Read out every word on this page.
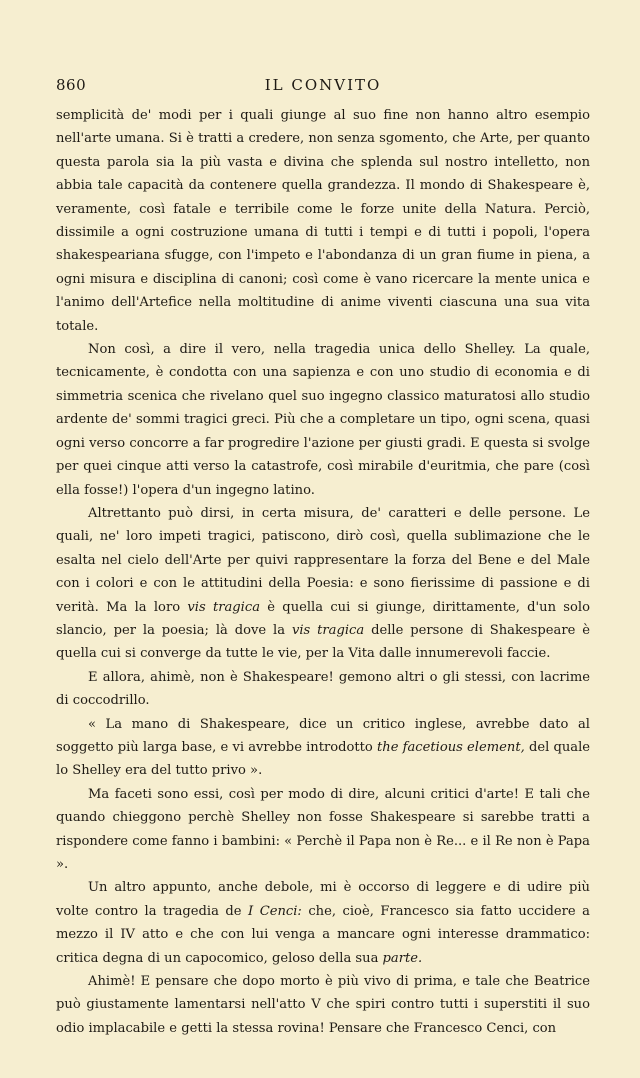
860	IL CONVITO

semplicità de' modi per i quali giunge al suo fine non hanno altro esempio nell'arte umana. Si è tratti a credere, non senza sgomento, che Arte, per quanto questa parola sia la più vasta e divina che splenda sul nostro intelletto, non abbia tale capacità da contenere quella grandezza. Il mondo di Shakespeare è, veramente, così fatale e terribile come le forze unite della Natura. Perciò, dissimile a ogni costruzione umana di tutti i tempi e di tutti i popoli, l'opera shakespeariana sfugge, con l'impeto e l'abondanza di un gran fiume in piena, a ogni misura e disciplina di canoni; così come è vano ricercare la mente unica e l'animo dell'Artefice nella moltitudine di anime viventi ciascuna una sua vita totale.

Non così, a dire il vero, nella tragedia unica dello Shelley. La quale, tecnicamente, è condotta con una sapienza e con uno studio di economia e di simmetria scenica che rivelano quel suo ingegno classico maturatosi allo studio ardente de' sommi tragici greci. Più che a completare un tipo, ogni scena, quasi ogni verso concorre a far progredire l'azione per giusti gradi. E questa si svolge per quei cinque atti verso la catastrofe, così mirabile d'euritmia, che pare (così ella fosse!) l'opera d'un ingegno latino.

Altrettanto può dirsi, in certa misura, de' caratteri e delle persone. Le quali, ne' loro impeti tragici, patiscono, dirò così, quella sublimazione che le esalta nel cielo dell'Arte per quivi rappresentare la forza del Bene e del Male con i colori e con le attitudini della Poesia: e sono fierissime di passione e di verità. Ma la loro vis tragica è quella cui si giunge, dirittamente, d'un solo slancio, per la poesia; là dove la vis tragica delle persone di Shakespeare è quella cui si converge da tutte le vie, per la Vita dalle innumerevoli faccie.

E allora, ahimè, non è Shakespeare! gemono altri o gli stessi, con lacrime di coccodrillo.

« La mano di Shakespeare, dice un critico inglese, avrebbe dato al soggetto più larga base, e vi avrebbe introdotto the facetious element, del quale lo Shelley era del tutto privo ».

Ma faceti sono essi, così per modo di dire, alcuni critici d'arte! E tali che quando chieggono perchè Shelley non fosse Shakespeare si sarebbe tratti a rispondere come fanno i bambini: « Perchè il Papa non è Re... e il Re non è Papa ».

Un altro appunto, anche debole, mi è occorso di leggere e di udire più volte contro la tragedia de I Cenci: che, cioè, Francesco sia fatto uccidere a mezzo il IV atto e che con lui venga a mancare ogni interesse drammatico: critica degna di un capocomico, geloso della sua parte.

Ahimè! E pensare che dopo morto è più vivo di prima, e tale che Beatrice può giustamente lamentarsi nell'atto V che spiri contro tutti i superstiti il suo odio implacabile e getti la stessa rovina! Pensare che Francesco Cenci, con
